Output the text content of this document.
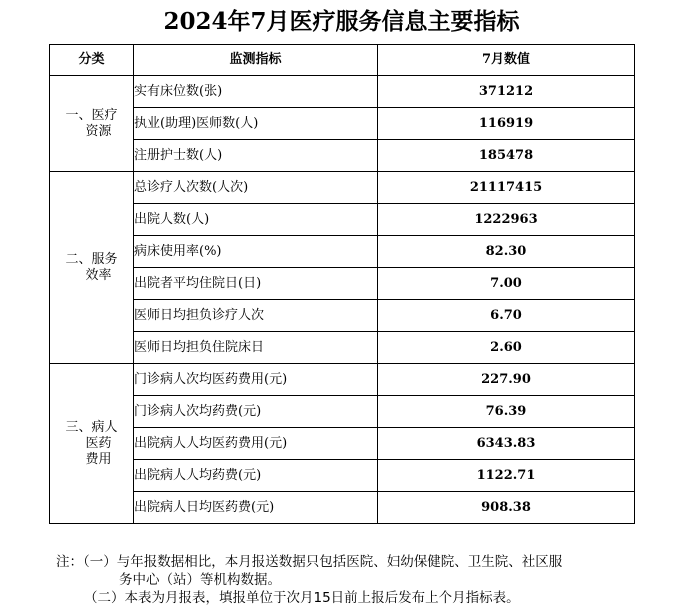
2024年7月医疗服务信息主要指标
分类	监测指标	7月数值

一、医疗
资源	实有床位数(张)	371212
	执业(助理)医师数(人)	116919
	注册护士数(人)	185478

二、服务
效率	总诊疗人次数(人次)	21117415
	出院人数(人)	1222963
	病床使用率(%)	82.30
	出院者平均住院日(日)	7.00
	医师日均担负诊疗人次	6.70
	医师日均担负住院床日	2.60

三、病人
医药
费用	门诊病人次均医药费用(元)	227.90
	门诊病人次均药费(元)	76.39
	出院病人人均医药费用(元)	6343.83
	出院病人人均药费(元)	1122.71
	出院病人日均医药费(元)	908.38
注：（一）与年报数据相比，本月报送数据只包括医院、妇幼保健院、卫生院、社区服
务中心（站）等机构数据。
（二）本表为月报表，填报单位于次月15日前上报后发布上个月指标表。
